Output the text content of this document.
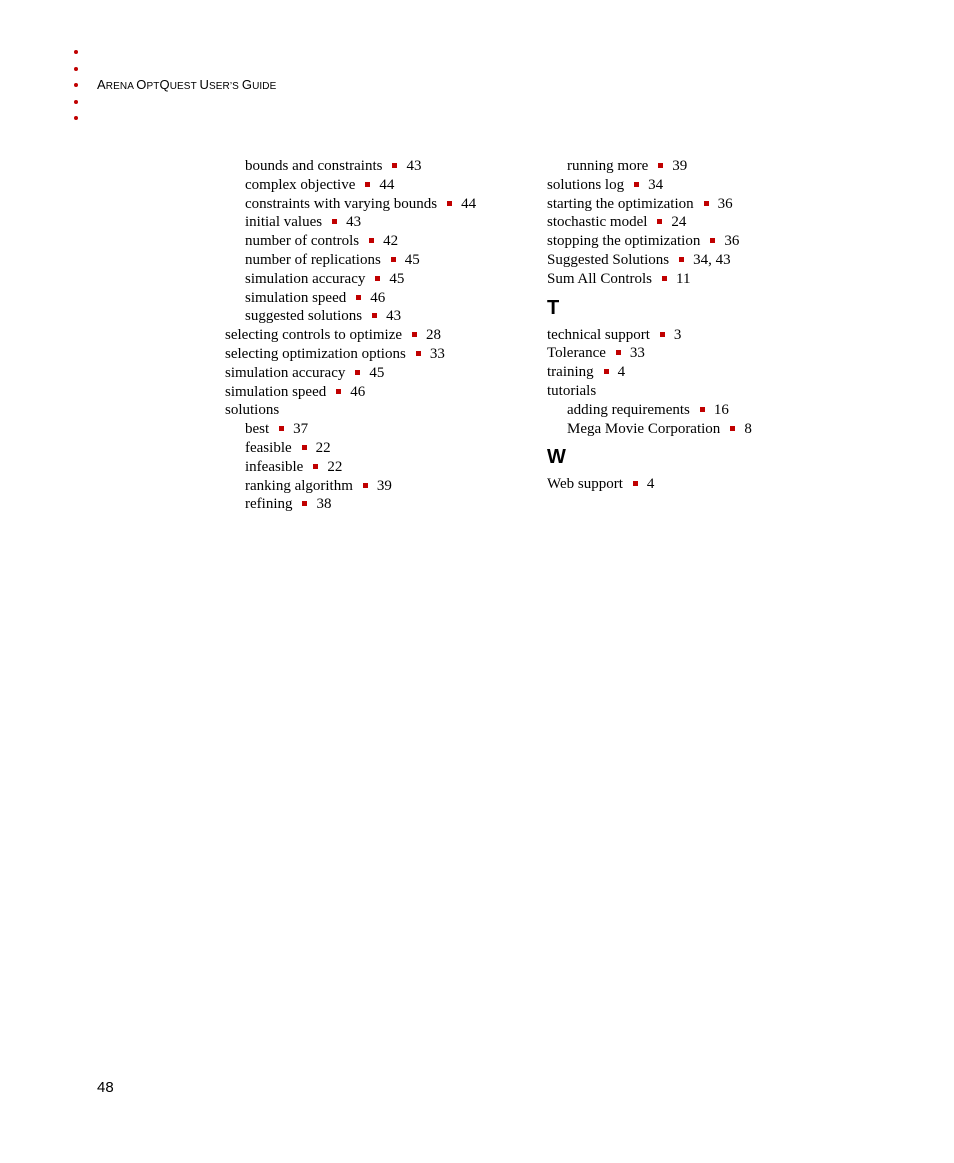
ARENA OPTQUEST USER’S GUIDE
bounds and constraints 43
complex objective 44
constraints with varying bounds 44
initial values 43
number of controls 42
number of replications 45
simulation accuracy 45
simulation speed 46
suggested solutions 43
selecting controls to optimize 28
selecting optimization options 33
simulation accuracy 45
simulation speed 46
solutions
best 37
feasible 22
infeasible 22
ranking algorithm 39
refining 38
running more 39
solutions log 34
starting the optimization 36
stochastic model 24
stopping the optimization 36
Suggested Solutions 34, 43
Sum All Controls 11
T
technical support 3
Tolerance 33
training 4
tutorials
adding requirements 16
Mega Movie Corporation 8
W
Web support 4
48
